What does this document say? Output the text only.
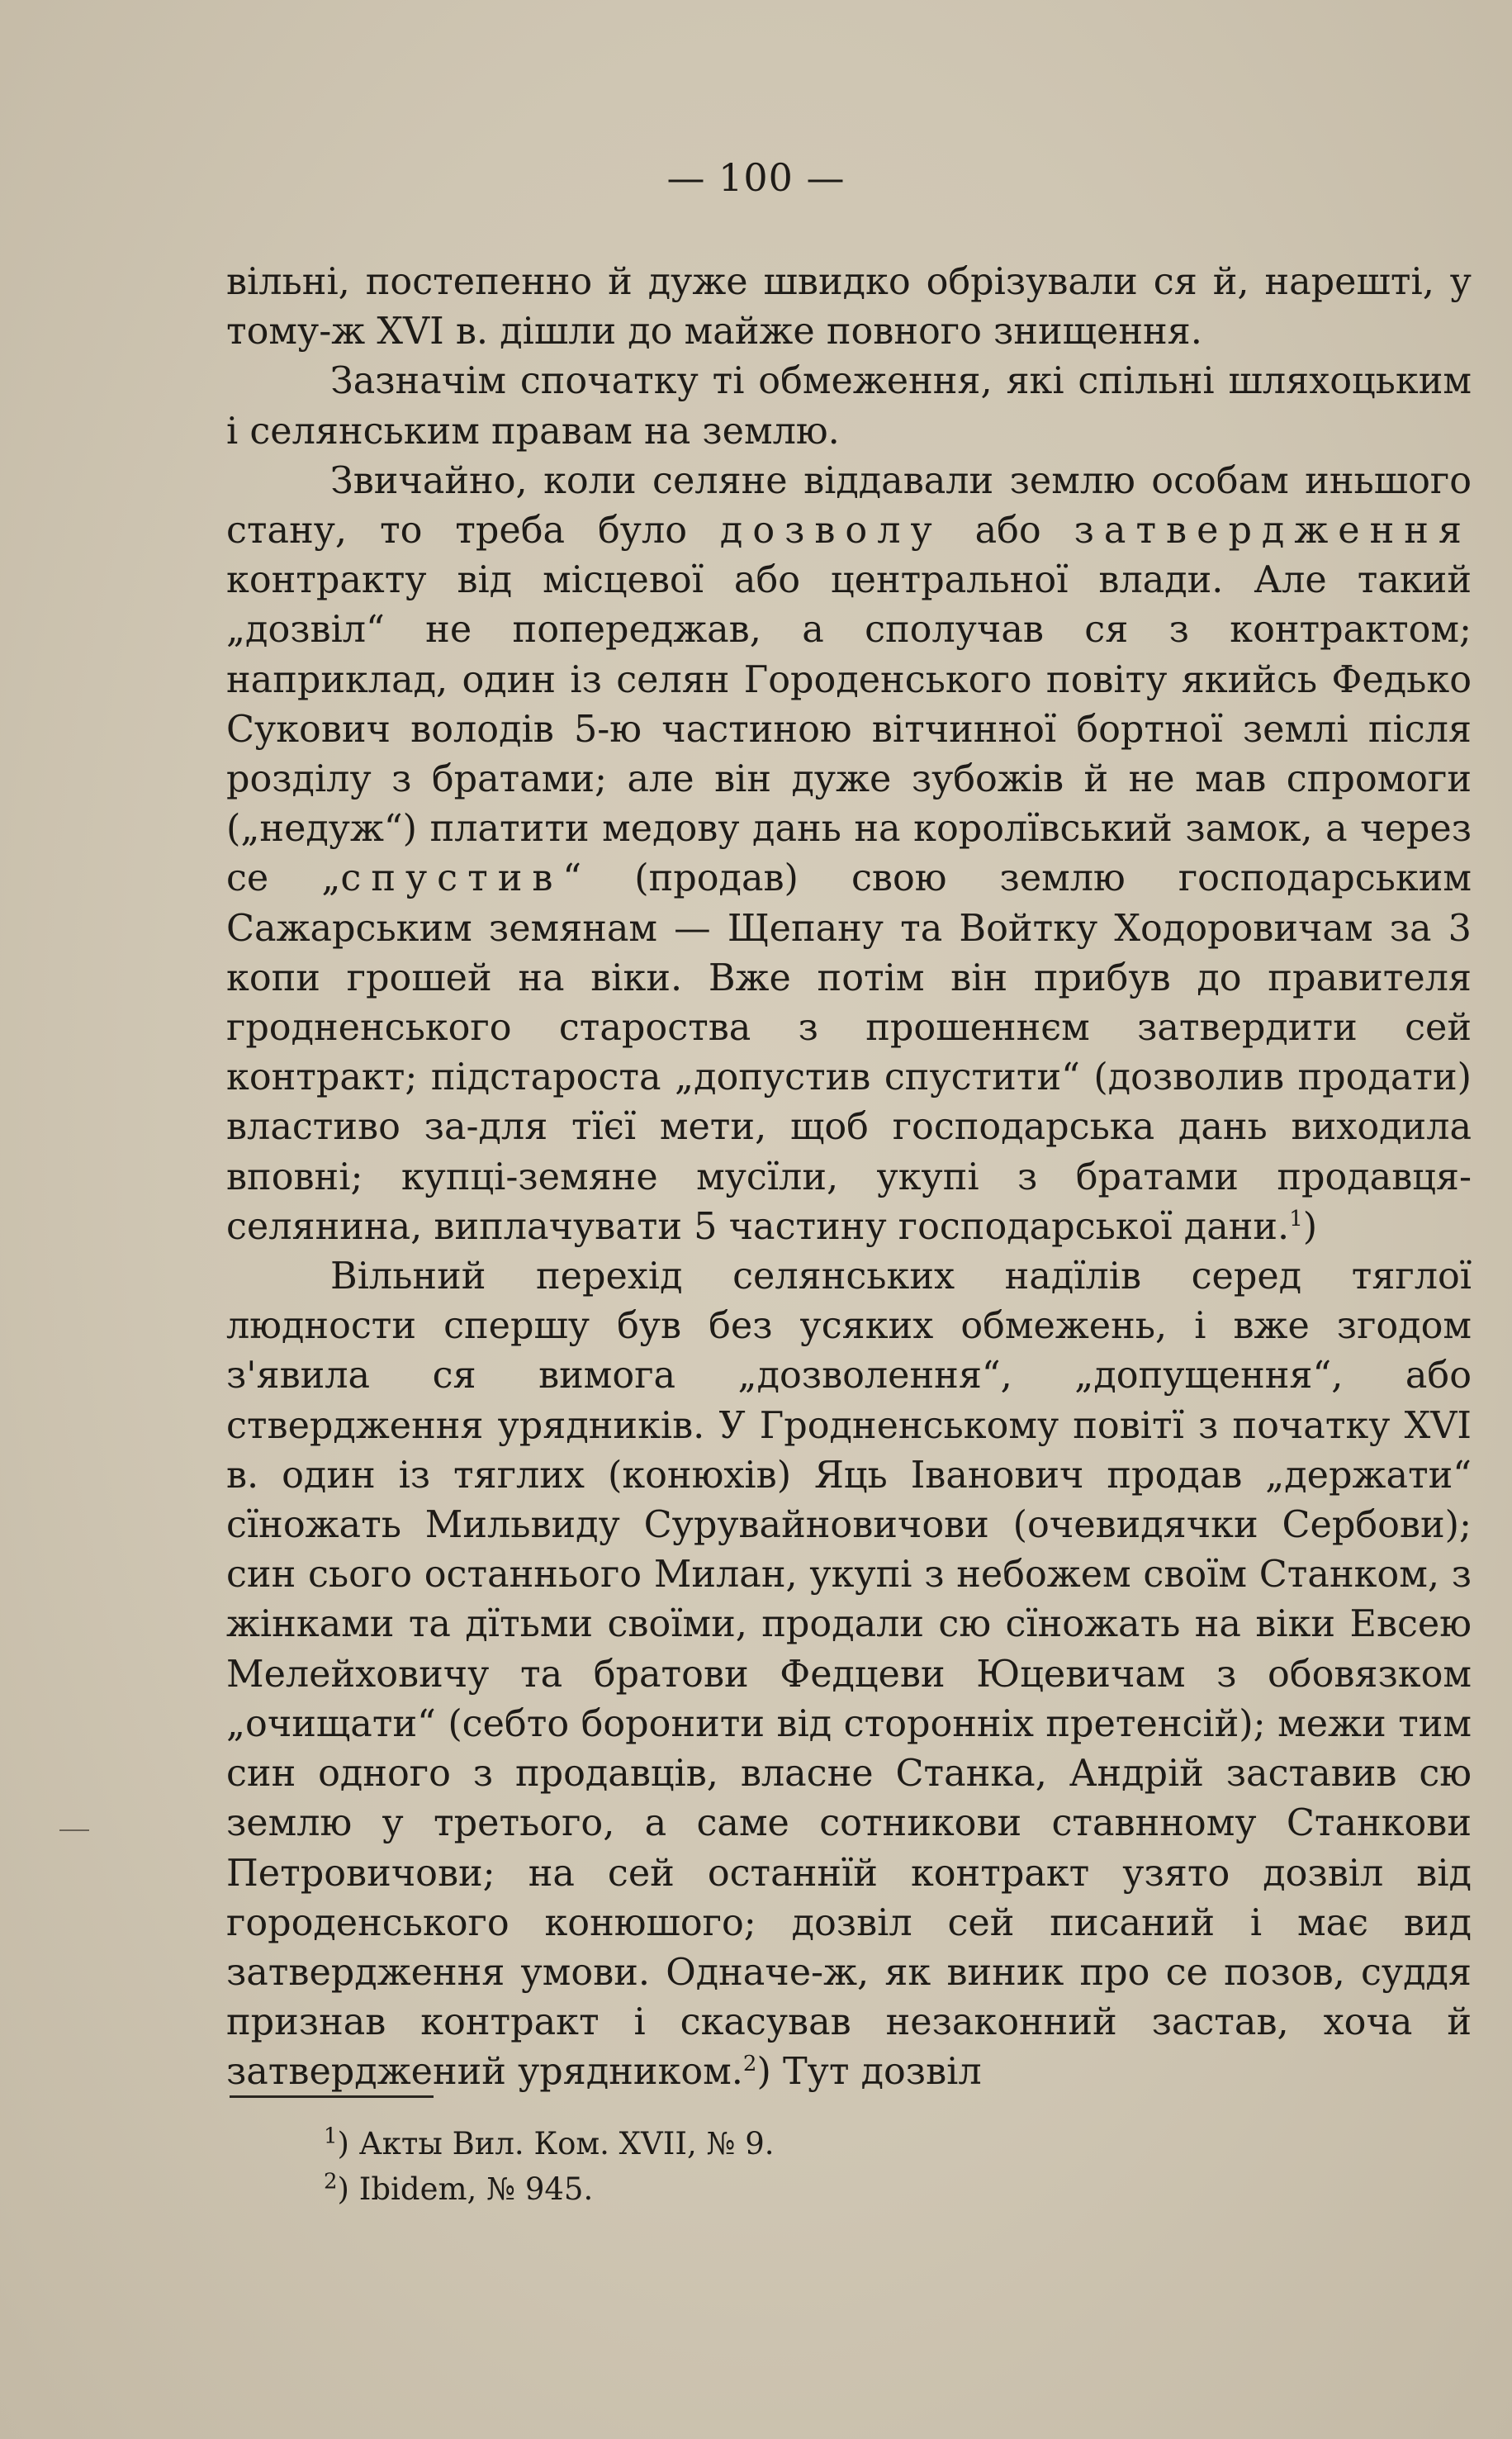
— 100 —

вільні, постепенно й дуже швидко обрізували ся й, нарешті, у тому-ж XVI в. дішли до майже повного знищення.

Зазначім спочатку ті обмеження, які спільні шляхоцьким і селянським правам на землю.

Звичайно, коли селяне віддавали землю особам иньшого стану, то треба було дозволу або затвердження контракту від місцевої або центральної влади. Але такий „дозвіл“ не попереджав, а сполучав ся з контрактом; наприклад, один із селян Городенського повіту якийсь Федько Сукович володів 5-ю частиною вітчинної бортної землі після розділу з братами; але він дуже зубожів й не мав спромоги („недуж“) платити медову дань на королївський замок, а через се „спустив“ (продав) свою землю господарським Сажарським земянам — Щепану та Войтку Ходоровичам за 3 копи грошей на віки. Вже потім він прибув до правителя гродненського староства з прошеннєм затвердити сей контракт; підстароста „допустив спустити“ (дозволив продати) властиво за-для тїєї мети, щоб господарська дань виходила вповні; купці-земяне мусїли, укупі з братами продавця-селянина, виплачувати 5 частину господарської дани.$^1$)

Вільний перехід селянських надїлів серед тяглої людности спершу був без усяких обмежень, і вже згодом з'явила ся вимога „дозволення“, „допущення“, або ствердження урядників. У Гродненському повітї з початку XVI в. один із тяглих (конюхів) Яць Іванович продав „держати“ сїножать Мильвиду Сурувайновичови (очевидячки Сербови); син сього останнього Милан, укупі з небожем своїм Станком, з жінками та дїтьми своїми, продали сю сїножать на віки Евсею Мелейховичу та братови Федцеви Юцевичам з обовязком „очищати“ (себто боронити від сторонніх претенсій); межи тим син одного з продавців, власне Станка, Андрій заставив сю землю у третього, а саме сотникови ставнному Станкови Петровичови; на сей останнїй контракт узято дозвіл від городенського конюшого; дозвіл сей писаний і має вид затвердження умови. Одначе-ж, як виник про се позов, суддя признав контракт і скасував незаконний застав, хоча й затверджений урядником.$^2$) Тут дозвіл

$^1$) Акты Вил. Ком. XVII, № 9.
$^2$) Ibidem, № 945.
